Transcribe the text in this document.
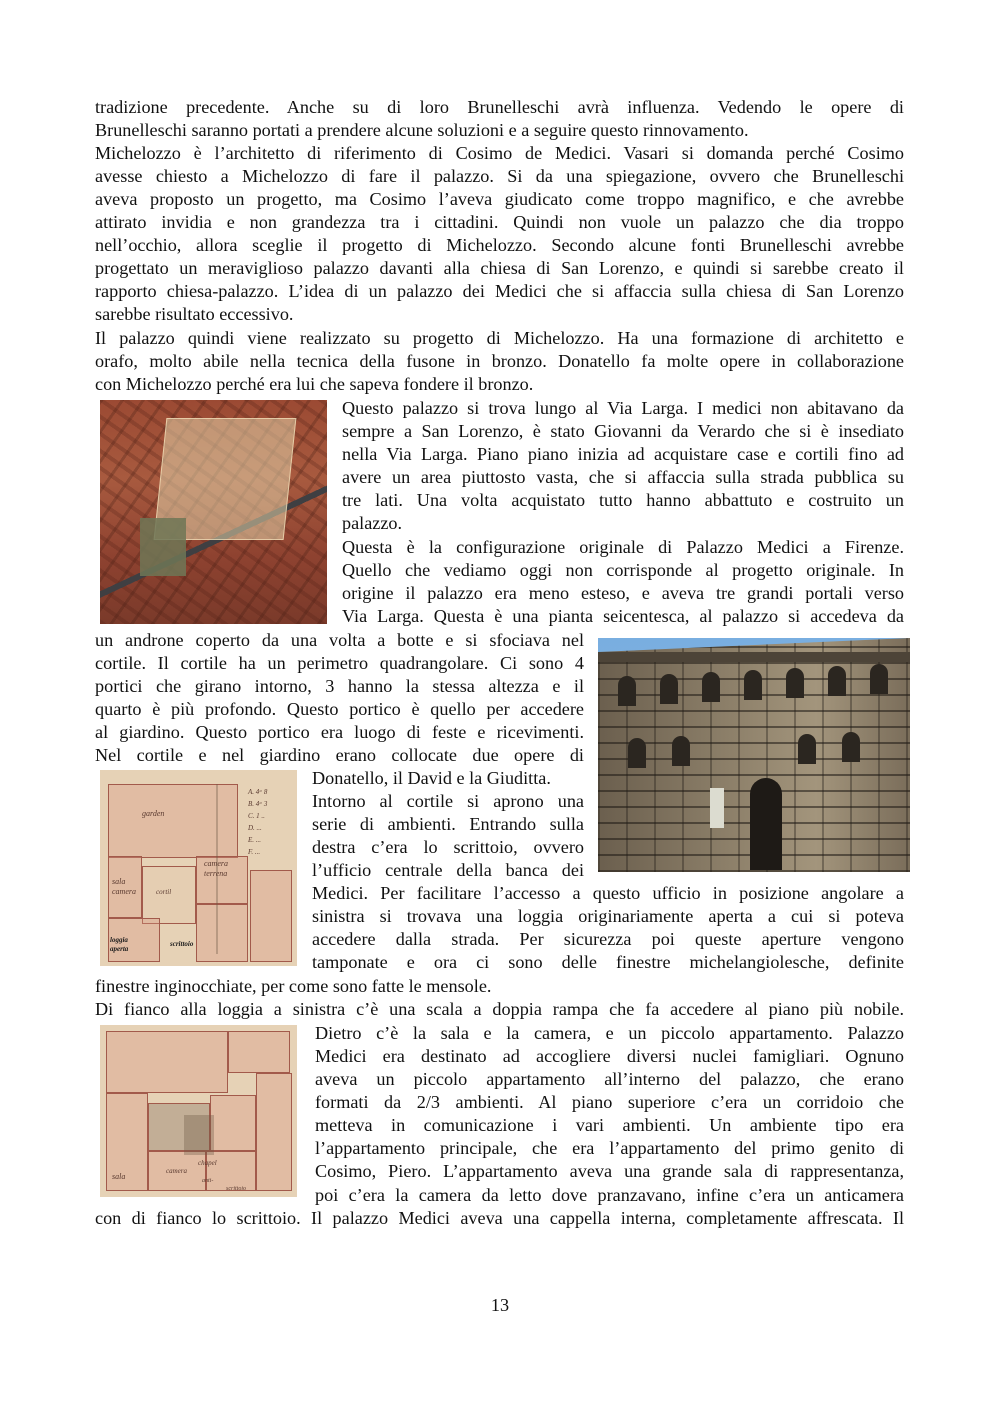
tradizione precedente. Anche su di loro Brunelleschi avrà influenza. Vedendo le opere di
Brunelleschi saranno portati a prendere alcune soluzioni e a seguire questo rinnovamento.
Michelozzo è l’architetto di riferimento di Cosimo de Medici. Vasari si domanda perché Cosimo
avesse chiesto a Michelozzo di fare il palazzo. Si da una spiegazione, ovvero che Brunelleschi
aveva proposto un progetto, ma Cosimo l’aveva giudicato come troppo magnifico, e che avrebbe
attirato invidia e non grandezza tra i cittadini. Quindi non vuole un palazzo che dia troppo
nell’occhio, allora sceglie il progetto di Michelozzo. Secondo alcune fonti Brunelleschi avrebbe
progettato un meraviglioso palazzo davanti alla chiesa di San Lorenzo, e quindi si sarebbe creato il
rapporto chiesa-palazzo. L’idea di un palazzo dei Medici che si affaccia sulla chiesa di San Lorenzo
sarebbe risultato eccessivo.
Il palazzo quindi viene realizzato su progetto di Michelozzo. Ha una formazione di architetto e
orafo, molto abile nella tecnica della fusone in bronzo. Donatello fa molte opere in collaborazione
con Michelozzo perché era lui che sapeva fondere il bronzo.
Questo palazzo si trova lungo al Via Larga. I medici non abitavano da
sempre a San Lorenzo, è stato Giovanni da Verardo che si è insediato
nella Via Larga. Piano piano inizia ad acquistare case e cortili fino ad
avere un area piuttosto vasta, che si affaccia sulla strada pubblica su
tre lati. Una volta acquistato tutto hanno abbattuto e costruito un
palazzo.
Questa è la configurazione originale di Palazzo Medici a Firenze.
Quello che vediamo oggi non corrisponde al progetto originale. In
origine il palazzo era meno esteso, e aveva tre grandi portali verso
Via Larga. Questa è una pianta seicentesca, al palazzo si accedeva da
un androne coperto da una volta a botte e si sfociava nel
cortile. Il cortile ha un perimetro quadrangolare. Ci sono 4
portici che girano intorno, 3 hanno la stessa altezza e il
quarto è più profondo. Questo portico è quello per accedere
al giardino. Questo portico era luogo di feste e ricevimenti.
Nel cortile e nel giardino erano collocate due opere di
A. 4ᵃ 8
B. 4ᵃ 3
C. 1 ..
D. ...
E. ...
F. ...
garden
sala
camera	cortil
camera
terrena
loggia
aperta
scrittoio
Donatello, il David e la Giuditta.
Intorno al cortile si aprono una
serie di ambienti. Entrando sulla
destra c’era lo scrittoio, ovvero
l’ufficio centrale della banca dei
Medici. Per facilitare l’accesso a questo ufficio in posizione angolare a
sinistra si trovava una loggia originariamente aperta a cui si poteva
accedere dalla strada. Per sicurezza poi queste aperture vengono
tamponate e ora ci sono delle finestre michelangiolesche, definite
finestre inginocchiate, per come sono fatte le mensole.
Di fianco alla loggia a sinistra c’è una scala a doppia rampa che fa accedere al piano più nobile.
sala
camera
chapel
anti-
scrittoio
Dietro c’è la sala e la camera, e un piccolo appartamento. Palazzo
Medici era destinato ad accogliere diversi nuclei famigliari. Ognuno
aveva un piccolo appartamento all’interno del palazzo, che erano
formati da 2/3 ambienti. Al piano superiore c’era un corridoio che
metteva in comunicazione i vari ambienti. Un ambiente tipo era
l’appartamento principale, che era l’appartamento del primo genito di
Cosimo, Piero. L’appartamento aveva una grande sala di rappresentanza,
poi c’era la camera da letto dove pranzavano, infine c’era un anticamera
con di fianco lo scrittoio. Il palazzo Medici aveva una cappella interna, completamente affrescata. Il
13
